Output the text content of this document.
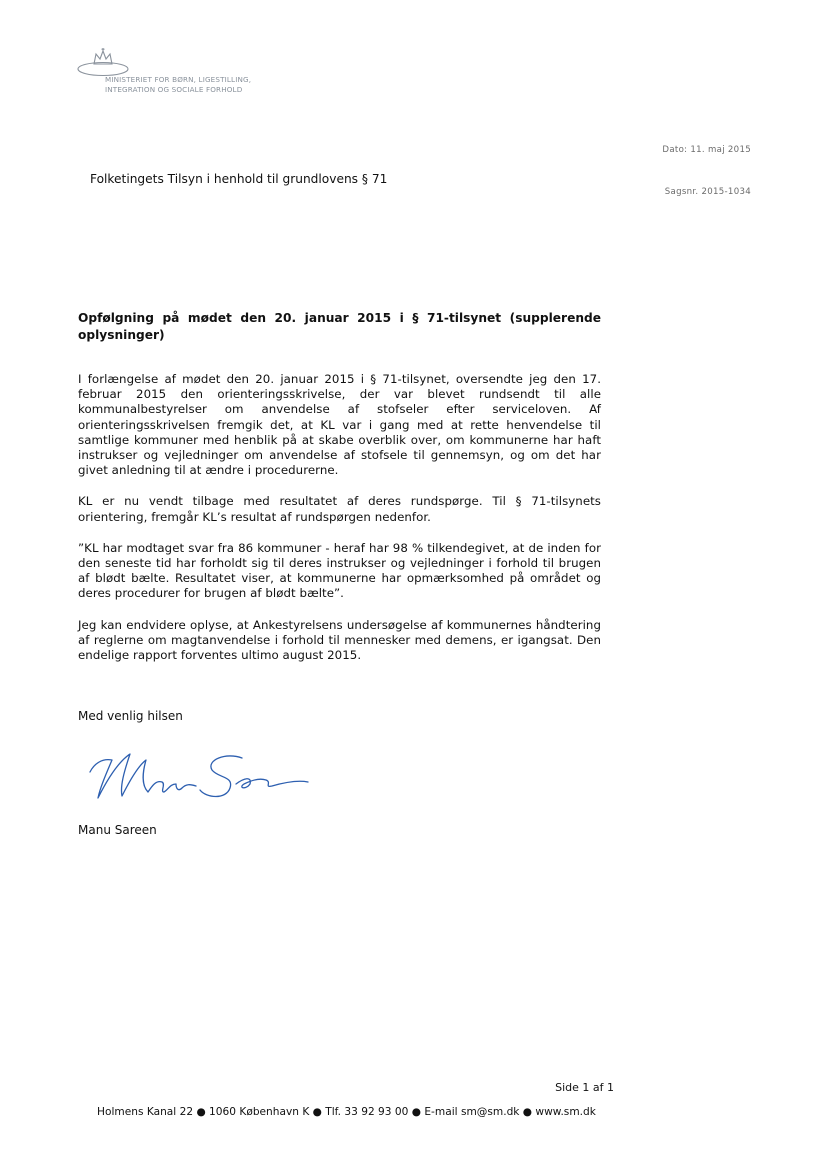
MINISTERIET FOR BØRN, LIGESTILLING,
INTEGRATION OG SOCIALE FORHOLD
Dato: 11. maj 2015
Sagsnr. 2015-1034
Folketingets Tilsyn i henhold til grundlovens § 71
Opfølgning på mødet den 20. januar 2015 i § 71-tilsynet (supplerende oplysninger)

I forlængelse af mødet den 20. januar 2015 i § 71-tilsynet, oversendte jeg den 17. februar 2015 den orienteringsskrivelse, der var blevet rundsendt til alle kommunalbestyrelser om anvendelse af stofseler efter serviceloven. Af orienteringsskrivelsen fremgik det, at KL var i gang med at rette henvendelse til samtlige kommuner med henblik på at skabe overblik over, om kommunerne har haft instrukser og vejledninger om anvendelse af stofsele til gennemsyn, og om det har givet anledning til at ændre i procedurerne.

KL er nu vendt tilbage med resultatet af deres rundspørge. Til § 71-tilsynets orientering, fremgår KL’s resultat af rundspørgen nedenfor.

”KL har modtaget svar fra 86 kommuner - heraf har 98 % tilkendegivet, at de inden for den seneste tid har forholdt sig til deres instrukser og vejledninger i forhold til brugen af blødt bælte. Resultatet viser, at kommunerne har opmærksomhed på området og deres procedurer for brugen af blødt bælte”.

Jeg kan endvidere oplyse, at Ankestyrelsens undersøgelse af kommunernes håndtering af reglerne om magtanvendelse i forhold til mennesker med demens, er igangsat. Den endelige rapport forventes ultimo august 2015.

Med venlig hilsen
Manu Sareen
Side 1 af 1
Holmens Kanal 22 ● 1060 København K ● Tlf. 33 92 93 00 ● E-mail sm@sm.dk ● www.sm.dk
